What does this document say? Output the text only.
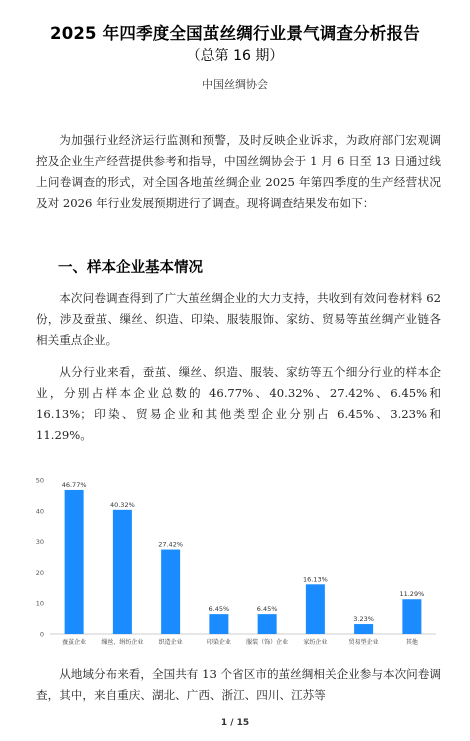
2025 年四季度全国茧丝绸行业景气调查分析报告
（总第 16 期）
中国丝绸协会

为加强行业经济运行监测和预警，及时反映企业诉求，为政府部门宏观调控及企业生产经营提供参考和指导，中国丝绸协会于 1 月 6 日至 13 日通过线上问卷调查的形式，对全国各地茧丝绸企业 2025 年第四季度的生产经营状况及对 2026 年行业发展预期进行了调查。现将调查结果发布如下：

一、样本企业基本情况

本次问卷调查得到了广大茧丝绸企业的大力支持，共收到有效问卷材料 62 份，涉及蚕茧、缫丝、织造、印染、服装服饰、家纺、贸易等茧丝绸产业链各相关重点企业。

从分行业来看，蚕茧、缫丝、织造、服装、家纺等五个细分行业的样本企业，分别占样本企业总数的 46.77%、40.32%、27.42%、6.45%和 16.13%；印染、贸易企业和其他类型企业分别占 6.45%、3.23%和 11.29%。

0
10
20
30
40
50
蚕茧企业	缫丝、绢纺企业	织造企业	印染企业	服装（饰）企业	家纺企业	贸易型企业	其他
46.77%
40.32%
27.42%
6.45%	6.45%
16.13%
3.23%
11.29%

从地域分布来看，全国共有 13 个省区市的茧丝绸相关企业参与本次问卷调查，其中，来自重庆、湖北、广西、浙江、四川、江苏等

1 / 15
